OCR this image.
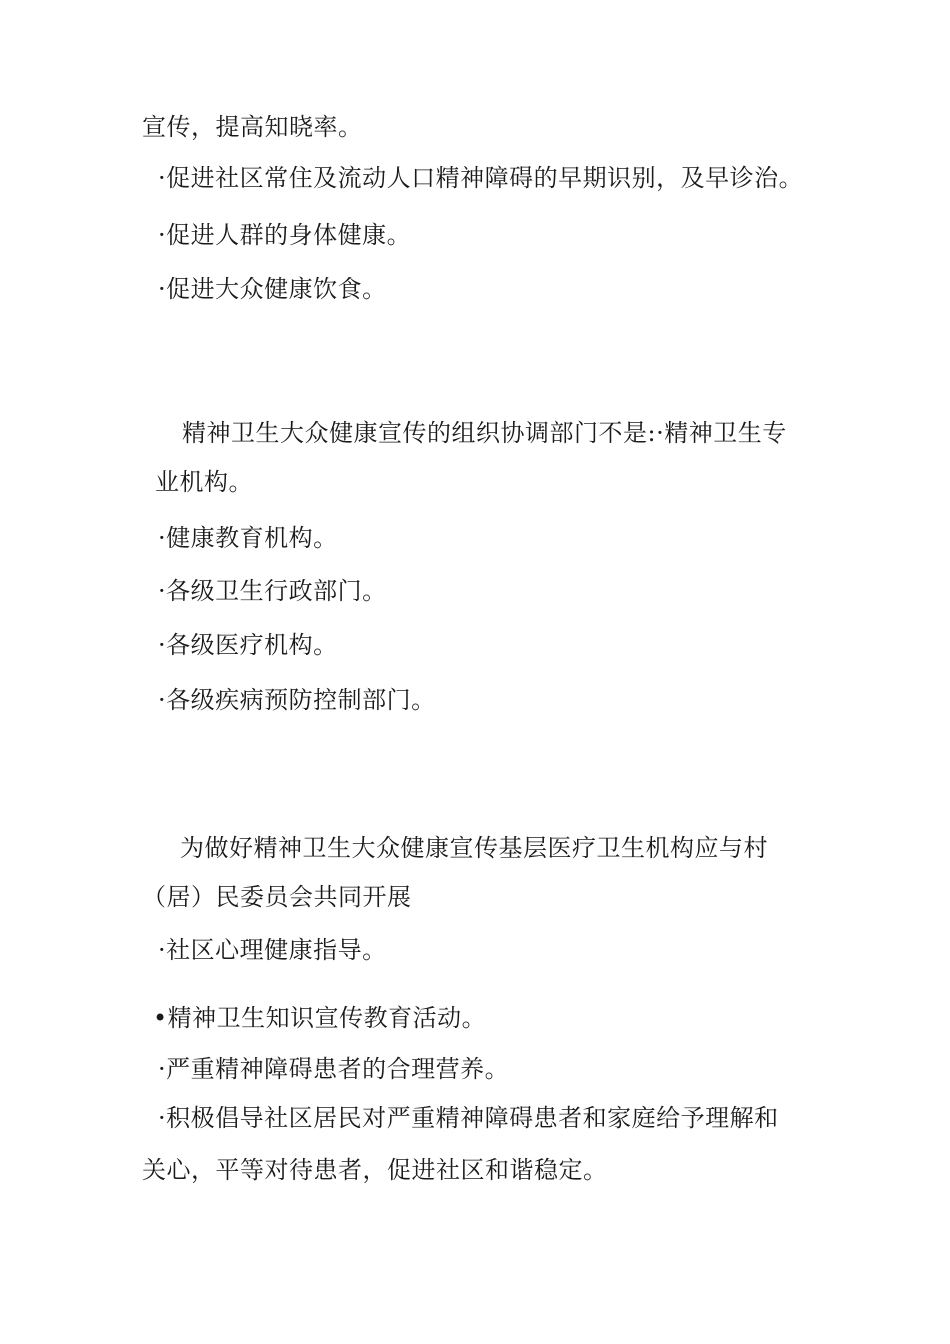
宣传，提高知晓率。
·促进社区常住及流动人口精神障碍的早期识别，及早诊治。
·促进人群的身体健康。
·促进大众健康饮食。
精神卫生大众健康宣传的组织协调部门不是:·精神卫生专
业机构。
·健康教育机构。
·各级卫生行政部门。
·各级医疗机构。
·各级疾病预防控制部门。
为做好精神卫生大众健康宣传基层医疗卫生机构应与村
（居）民委员会共同开展
·社区心理健康指导。
•精神卫生知识宣传教育活动。
·严重精神障碍患者的合理营养。
·积极倡导社区居民对严重精神障碍患者和家庭给予理解和
关心，平等对待患者，促进社区和谐稳定。
